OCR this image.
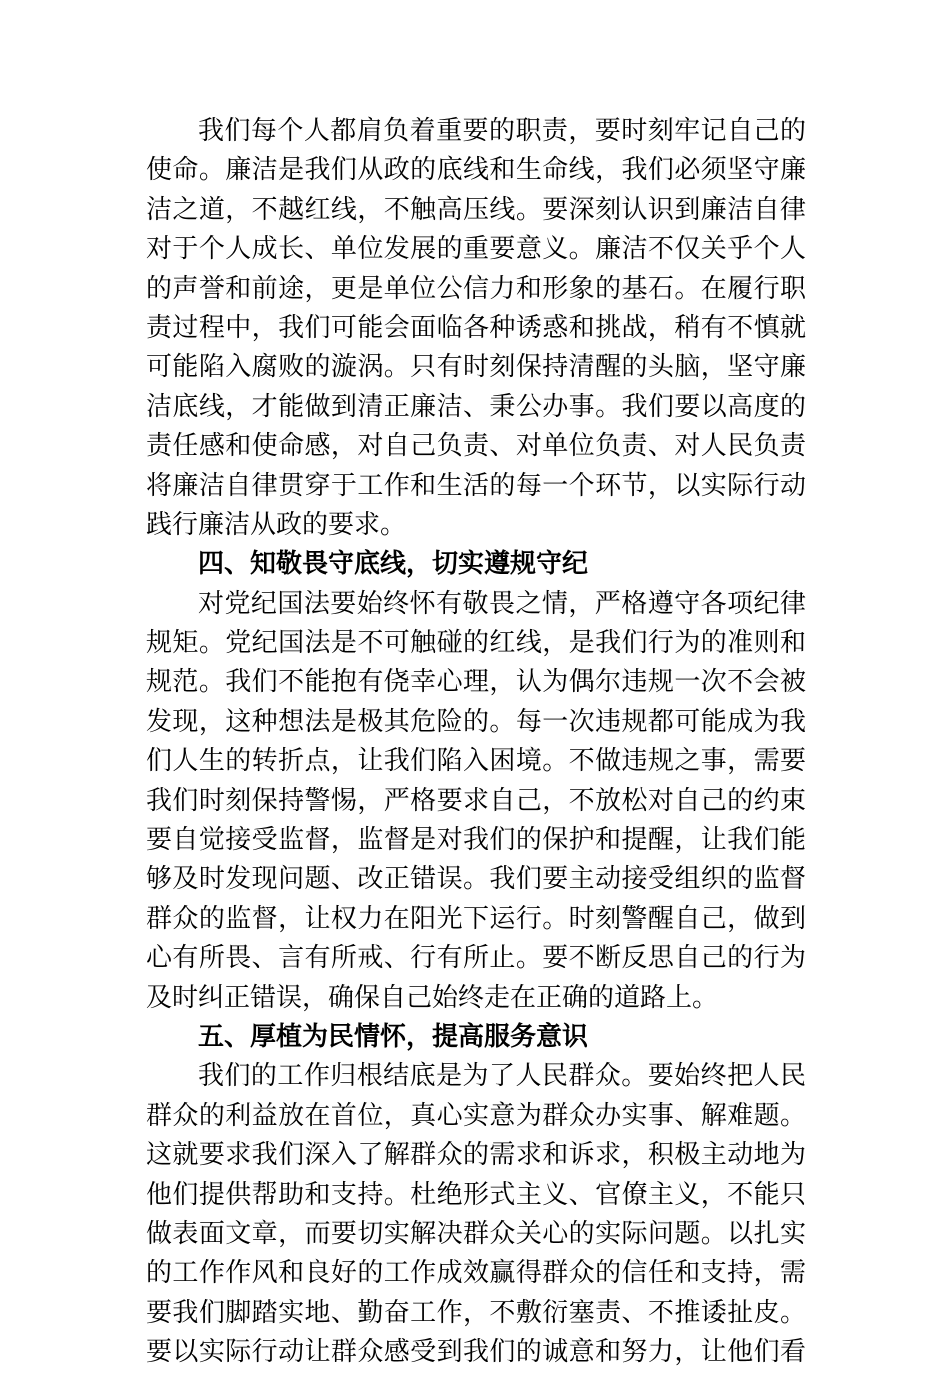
我们每个人都肩负着重要的职责，要时刻牢记自己的
使命。廉洁是我们从政的底线和生命线，我们必须坚守廉
洁之道，不越红线，不触高压线。要深刻认识到廉洁自律
对于个人成长、单位发展的重要意义。廉洁不仅关乎个人
的声誉和前途，更是单位公信力和形象的基石。在履行职
责过程中，我们可能会面临各种诱惑和挑战，稍有不慎就
可能陷入腐败的漩涡。只有时刻保持清醒的头脑，坚守廉
洁底线，才能做到清正廉洁、秉公办事。我们要以高度的
责任感和使命感，对自己负责、对单位负责、对人民负责
将廉洁自律贯穿于工作和生活的每一个环节，以实际行动
践行廉洁从政的要求。
四、知敬畏守底线，切实遵规守纪
对党纪国法要始终怀有敬畏之情，严格遵守各项纪律
规矩。党纪国法是不可触碰的红线，是我们行为的准则和
规范。我们不能抱有侥幸心理，认为偶尔违规一次不会被
发现，这种想法是极其危险的。每一次违规都可能成为我
们人生的转折点，让我们陷入困境。不做违规之事，需要
我们时刻保持警惕，严格要求自己，不放松对自己的约束
要自觉接受监督，监督是对我们的保护和提醒，让我们能
够及时发现问题、改正错误。我们要主动接受组织的监督
群众的监督，让权力在阳光下运行。时刻警醒自己，做到
心有所畏、言有所戒、行有所止。要不断反思自己的行为
及时纠正错误，确保自己始终走在正确的道路上。
五、厚植为民情怀，提高服务意识
我们的工作归根结底是为了人民群众。要始终把人民
群众的利益放在首位，真心实意为群众办实事、解难题。
这就要求我们深入了解群众的需求和诉求，积极主动地为
他们提供帮助和支持。杜绝形式主义、官僚主义，不能只
做表面文章，而要切实解决群众关心的实际问题。以扎实
的工作作风和良好的工作成效赢得群众的信任和支持，需
要我们脚踏实地、勤奋工作，不敷衍塞责、不推诿扯皮。
要以实际行动让群众感受到我们的诚意和努力，让他们看
